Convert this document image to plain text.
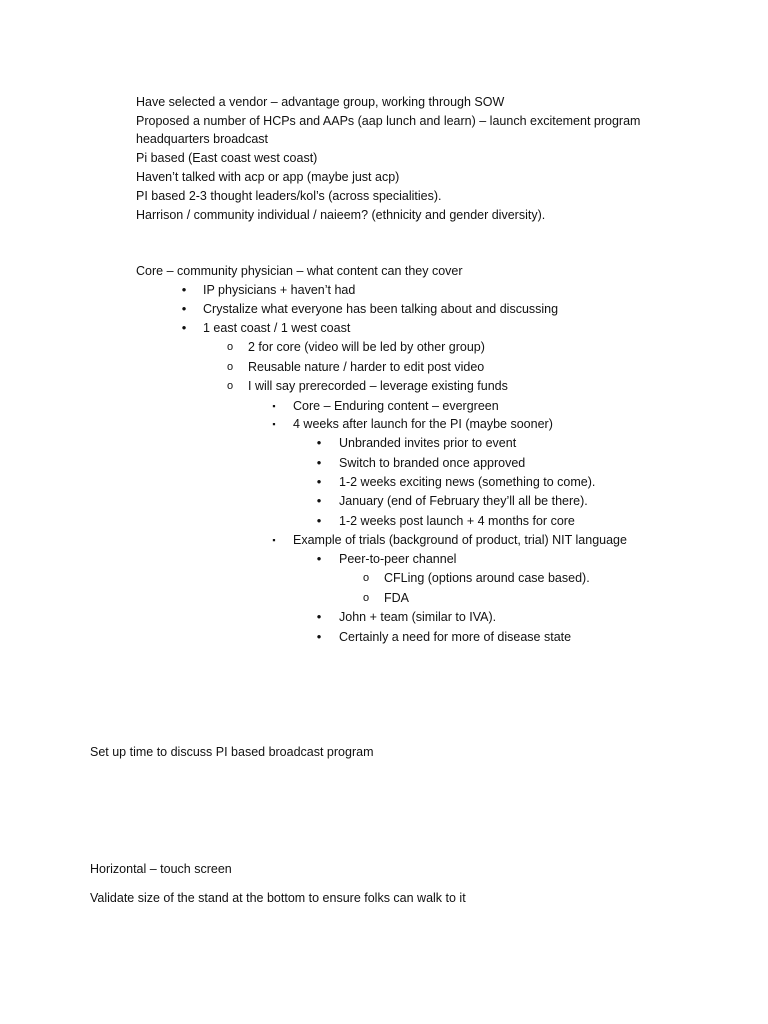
Have selected a vendor – advantage group, working through SOW
Proposed a number of HCPs and AAPs (aap lunch and learn) – launch excitement program
headquarters broadcast
Pi based (East coast west coast)
Haven’t talked with acp or app (maybe just acp)
PI based 2-3 thought leaders/kol’s (across specialities).
Harrison / community individual / naieem? (ethnicity and gender diversity).
Core – community physician – what content can they cover
• IP physicians + haven’t had
• Crystalize what everyone has been talking about and discussing
• 1 east coast / 1 west coast
o 2 for core (video will be led by other group)
o Reusable nature / harder to edit post video
o I will say prerecorded – leverage existing funds
▪	Core – Enduring content – evergreen
▪	4 weeks after launch for the PI (maybe sooner)
• Unbranded invites prior to event
• Switch to branded once approved
• 1-2 weeks exciting news (something to come).
• January (end of February they’ll all be there).
• 1-2 weeks post launch + 4 months for core
▪	Example of trials (background of product, trial) NIT language
• Peer-to-peer channel
o CFLing (options around case based).
o FDA
• John + team (similar to IVA).
• Certainly a need for more of disease state
Set up time to discuss PI based broadcast program
Horizontal – touch screen
Validate size of the stand at the bottom to ensure folks can walk to it
